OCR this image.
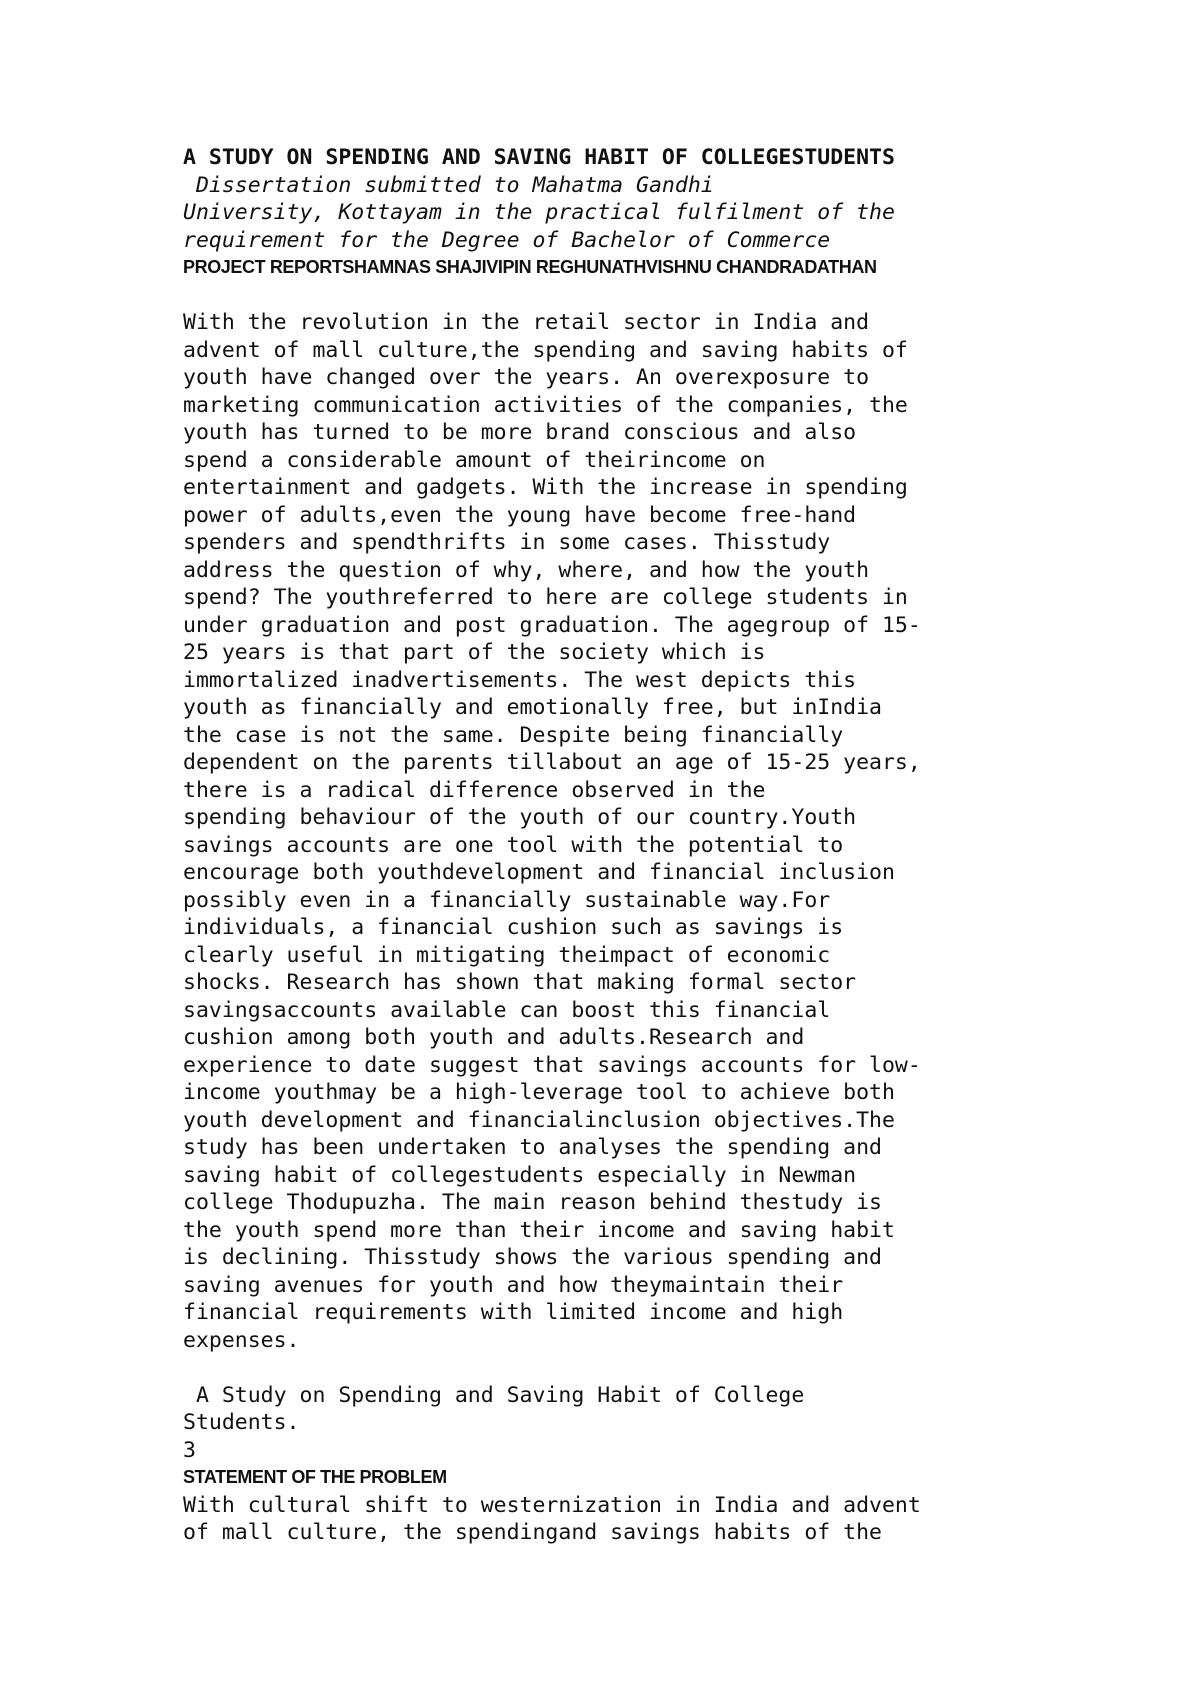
A STUDY ON SPENDING AND SAVING HABIT OF COLLEGESTUDENTS
Dissertation submitted to Mahatma Gandhi
University, Kottayam in the practical fulfilment of the
requirement for the Degree of Bachelor of Commerce
PROJECT REPORTSHAMNAS SHAJIVIPIN REGHUNATHVISHNU CHANDRADATHAN
With the revolution in the retail sector in India and
advent of mall culture,the spending and saving habits of
youth have changed over the years. An overexposure to
marketing communication activities of the companies, the
youth has turned to be more brand conscious and also
spend a considerable amount of theirincome on
entertainment and gadgets. With the increase in spending
power of adults,even the young have become free-hand
spenders and spendthrifts in some cases. Thisstudy
address the question of why, where, and how the youth
spend? The youthreferred to here are college students in
under graduation and post graduation. The agegroup of 15-
25 years is that part of the society which is
immortalized inadvertisements. The west depicts this
youth as financially and emotionally free, but inIndia
the case is not the same. Despite being financially
dependent on the parents tillabout an age of 15-25 years,
there is a radical difference observed in the
spending behaviour of the youth of our country.Youth
savings accounts are one tool with the potential to
encourage both youthdevelopment and financial inclusion
possibly even in a financially sustainable way.For
individuals, a financial cushion such as savings is
clearly useful in mitigating theimpact of economic
shocks. Research has shown that making formal sector
savingsaccounts available can boost this financial
cushion among both youth and adults.Research and
experience to date suggest that savings accounts for low-
income youthmay be a high-leverage tool to achieve both
youth development and financialinclusion objectives.The
study has been undertaken to analyses the spending and
saving habit of collegestudents especially in Newman
college Thodupuzha. The main reason behind thestudy is
the youth spend more than their income and saving habit
is declining. Thisstudy shows the various spending and
saving avenues for youth and how theymaintain their
financial requirements with limited income and high
expenses.
A Study on Spending and Saving Habit of College
Students.
3
STATEMENT OF THE PROBLEM
With cultural shift to westernization in India and advent
of mall culture, the spendingand savings habits of the
